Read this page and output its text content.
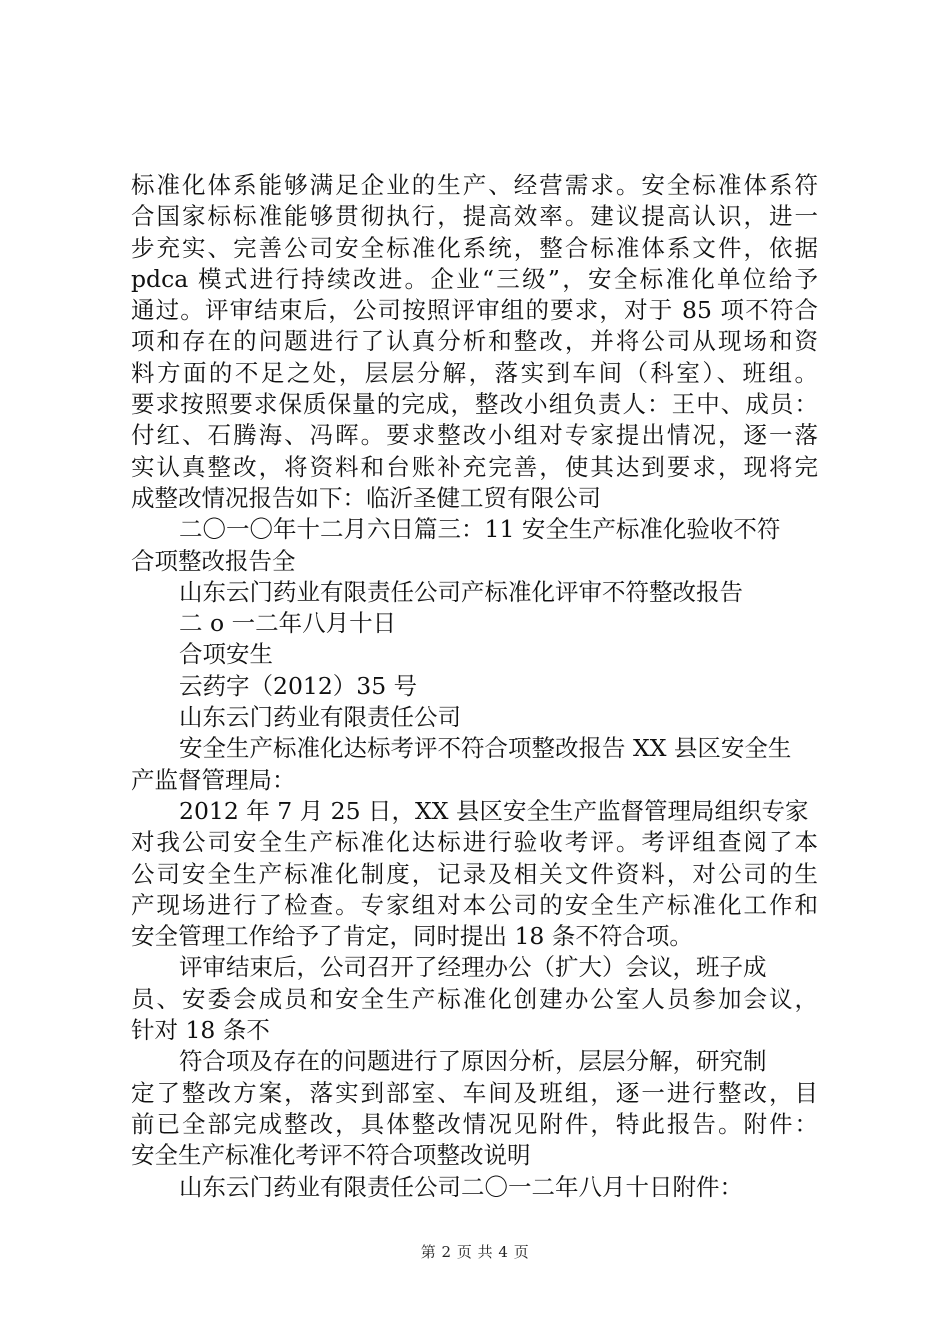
标准化体系能够满足企业的生产、经营需求。安全标准体系符
合国家标标准能够贯彻执行，提高效率。建议提高认识，进一
步充实、完善公司安全标准化系统，整合标准体系文件，依据
pdca 模式进行持续改进。企业“三级”，安全标准化单位给予
通过。评审结束后，公司按照评审组的要求，对于 85 项不符合
项和存在的问题进行了认真分析和整改，并将公司从现场和资
料方面的不足之处，层层分解，落实到车间（科室）、班组。
要求按照要求保质保量的完成，整改小组负责人：王中、成员：
付红、石腾海、冯晖。要求整改小组对专家提出情况，逐一落
实认真整改，将资料和台账补充完善，使其达到要求，现将完
成整改情况报告如下：临沂圣健工贸有限公司
二〇一〇年十二月六日篇三：11 安全生产标准化验收不符
合项整改报告全
山东云门药业有限责任公司产标准化评审不符整改报告
二 o 一二年八月十日
合项安生
云药字（2012）35 号
山东云门药业有限责任公司
安全生产标准化达标考评不符合项整改报告 XX 县区安全生
产监督管理局：
2012 年 7 月 25 日，XX 县区安全生产监督管理局组织专家
对我公司安全生产标准化达标进行验收考评。考评组查阅了本
公司安全生产标准化制度，记录及相关文件资料，对公司的生
产现场进行了检查。专家组对本公司的安全生产标准化工作和
安全管理工作给予了肯定，同时提出 18 条不符合项。
评审结束后，公司召开了经理办公（扩大）会议，班子成
员、安委会成员和安全生产标准化创建办公室人员参加会议，
针对 18 条不
符合项及存在的问题进行了原因分析，层层分解，研究制
定了整改方案，落实到部室、车间及班组，逐一进行整改，目
前已全部完成整改，具体整改情况见附件，特此报告。附件：
安全生产标准化考评不符合项整改说明
山东云门药业有限责任公司二〇一二年八月十日附件：
第 2 页 共 4 页
